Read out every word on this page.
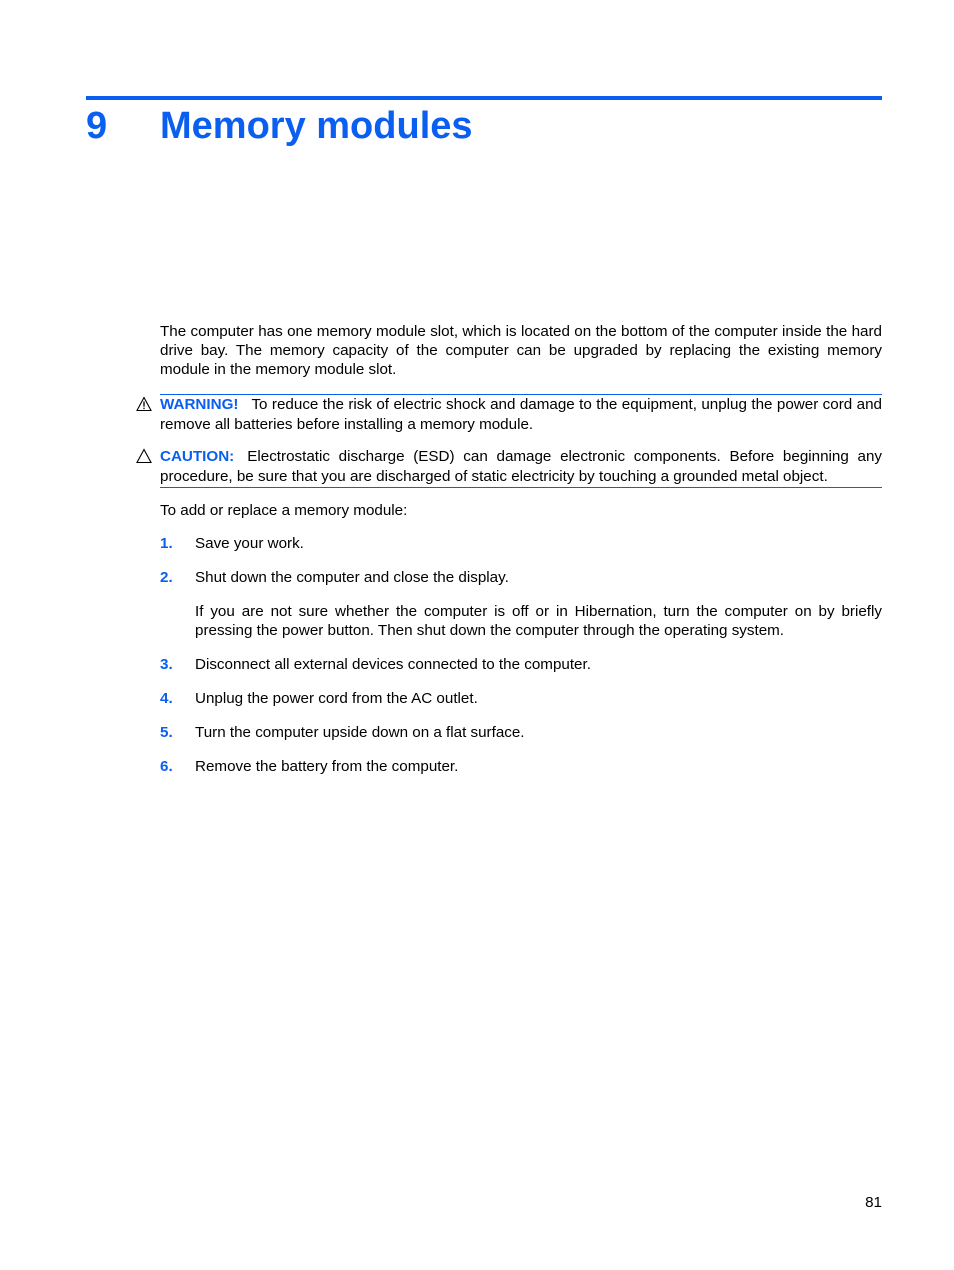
9 Memory modules
The computer has one memory module slot, which is located on the bottom of the computer inside the hard drive bay. The memory capacity of the computer can be upgraded by replacing the existing memory module in the memory module slot.
WARNING! To reduce the risk of electric shock and damage to the equipment, unplug the power cord and remove all batteries before installing a memory module.
CAUTION: Electrostatic discharge (ESD) can damage electronic components. Before beginning any procedure, be sure that you are discharged of static electricity by touching a grounded metal object.
To add or replace a memory module:
1. Save your work.
2. Shut down the computer and close the display.
If you are not sure whether the computer is off or in Hibernation, turn the computer on by briefly pressing the power button. Then shut down the computer through the operating system.
3. Disconnect all external devices connected to the computer.
4. Unplug the power cord from the AC outlet.
5. Turn the computer upside down on a flat surface.
6. Remove the battery from the computer.
81
